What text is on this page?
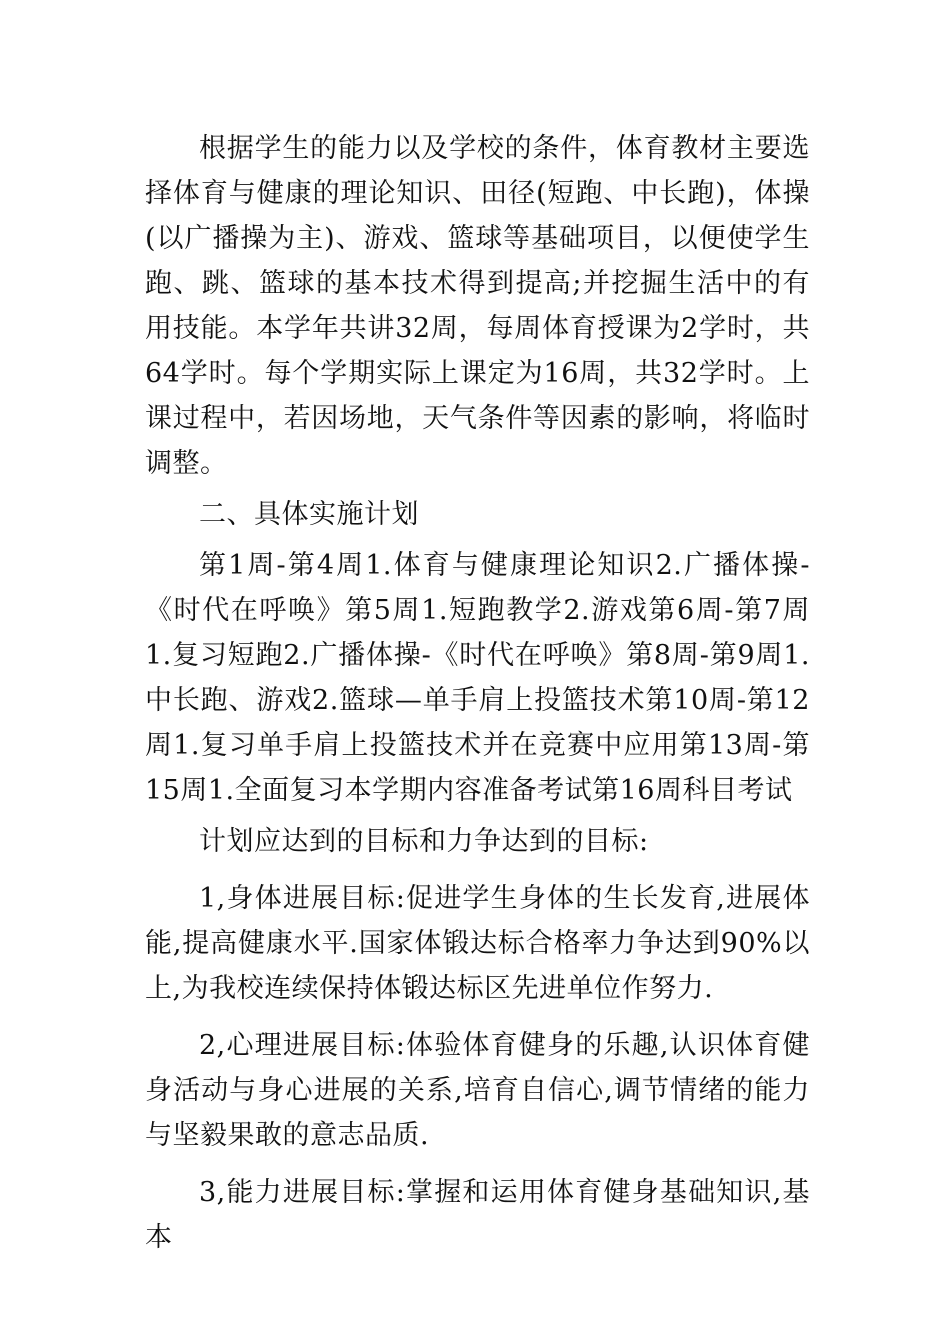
根据学生的能力以及学校的条件，体育教材主要选择体育与健康的理论知识、田径(短跑、中长跑)，体操(以广播操为主)、游戏、篮球等基础项目，以便使学生跑、跳、篮球的基本技术得到提高;并挖掘生活中的有用技能。本学年共讲32周，每周体育授课为2学时，共64学时。每个学期实际上课定为16周，共32学时。上课过程中，若因场地，天气条件等因素的影响，将临时调整。

二、具体实施计划

第1周-第4周1.体育与健康理论知识2.广播体操-《时代在呼唤》第5周1.短跑教学2.游戏第6周-第7周1.复习短跑2.广播体操-《时代在呼唤》第8周-第9周1.中长跑、游戏2.篮球—单手肩上投篮技术第10周-第12周1.复习单手肩上投篮技术并在竞赛中应用第13周-第15周1.全面复习本学期内容准备考试第16周科目考试

计划应达到的目标和力争达到的目标:

1,身体进展目标:促进学生身体的生长发育,进展体能,提高健康水平.国家体锻达标合格率力争达到90%以上,为我校连续保持体锻达标区先进单位作努力.

2,心理进展目标:体验体育健身的乐趣,认识体育健身活动与身心进展的关系,培育自信心,调节情绪的能力与坚毅果敢的意志品质.

3,能力进展目标:掌握和运用体育健身基础知识,基本
